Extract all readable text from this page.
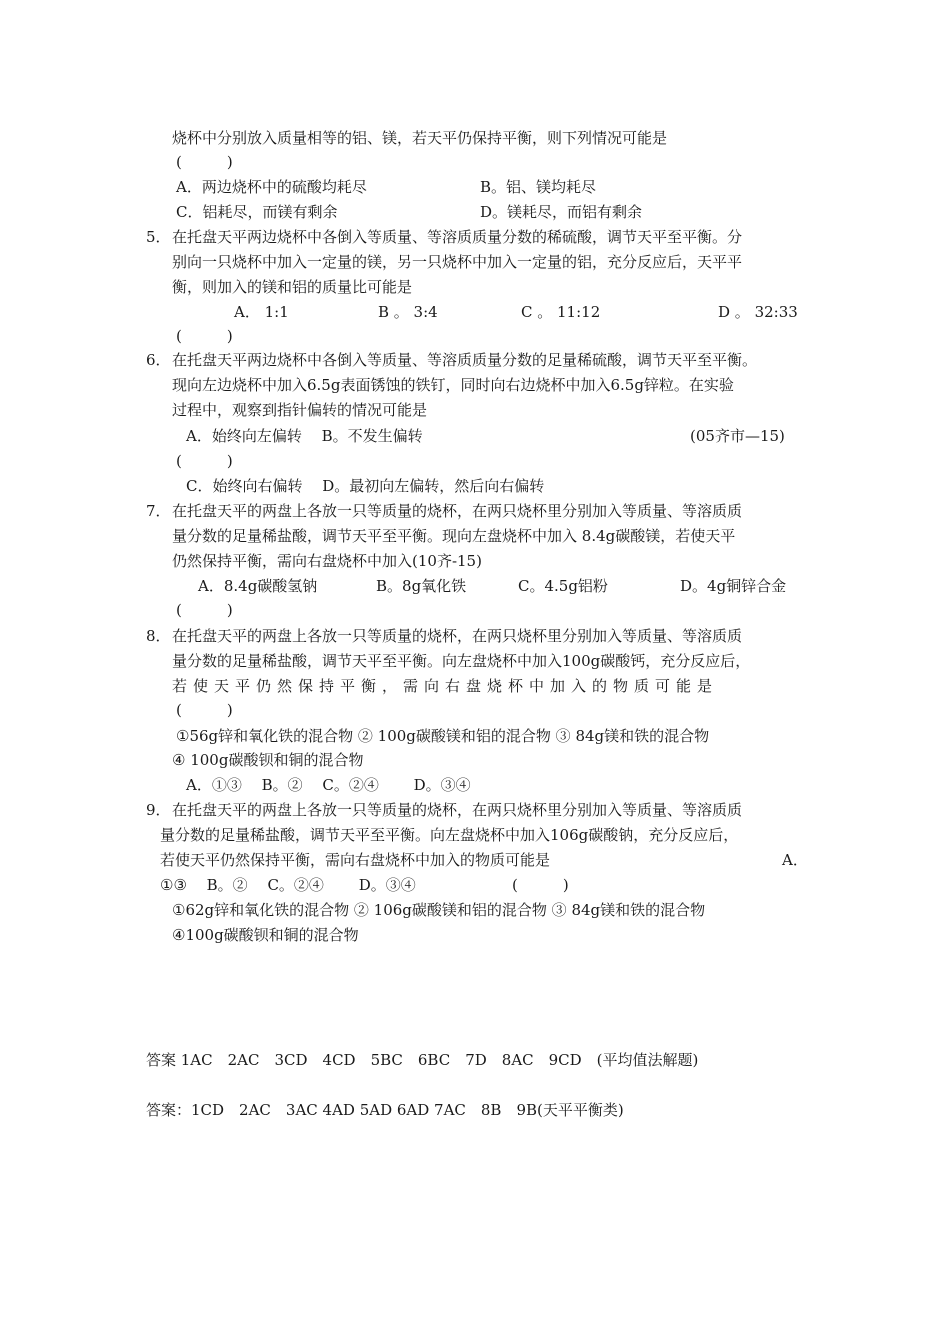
烧杯中分别放入质量相等的铝、镁，若天平仍保持平衡，则下列情况可能是
(　　　)
A．两边烧杯中的硫酸均耗尽	B。铝、镁均耗尽
C．铝耗尽，而镁有剩余	D。镁耗尽，而铝有剩余
5． 在托盘天平两边烧杯中各倒入等质量、等溶质质量分数的稀硫酸，调节天平至平衡。分
别向一只烧杯中加入一定量的镁，另一只烧杯中加入一定量的铝，充分反应后，天平平
衡，则加入的镁和铝的质量比可能是
A． 1:1	B 。 3:4	C 。 11:12	D 。 32:33
(　　　)
6． 在托盘天平两边烧杯中各倒入等质量、等溶质质量分数的足量稀硫酸，调节天平至平衡。
现向左边烧杯中加入6.5g表面锈蚀的铁钉，同时向右边烧杯中加入6.5g锌粒。在实验
过程中，观察到指针偏转的情况可能是
A．始终向左偏转　 B。不发生偏转	(05齐市—15)
(　　　)
C．始终向右偏转　 D。最初向左偏转，然后向右偏转
7． 在托盘天平的两盘上各放一只等质量的烧杯，在两只烧杯里分别加入等质量、等溶质质
量分数的足量稀盐酸，调节天平至平衡。现向左盘烧杯中加入 8.4g碳酸镁，若使天平
仍然保持平衡，需向右盘烧杯中加入(10齐-15)
A．8.4g碳酸氢钠	B。8g氧化铁	C。4.5g铝粉	D。4g铜锌合金
(　　　)
8． 在托盘天平的两盘上各放一只等质量的烧杯，在两只烧杯里分别加入等质量、等溶质质
量分数的足量稀盐酸，调节天平至平衡。向左盘烧杯中加入100g碳酸钙，充分反应后，
若使天平仍然保持平衡，需向右盘烧杯中加入的物质可能是
(　　　)
①56g锌和氧化铁的混合物 ② 100g碳酸镁和铝的混合物 ③ 84g镁和铁的混合物
④ 100g碳酸钡和铜的混合物
A．①③　 B。②　 C。②④　　 D。③④
9． 在托盘天平的两盘上各放一只等质量的烧杯，在两只烧杯里分别加入等质量、等溶质质
量分数的足量稀盐酸，调节天平至平衡。向左盘烧杯中加入106g碳酸钠，充分反应后，
若使天平仍然保持平衡，需向右盘烧杯中加入的物质可能是	A．
①③　 B。②　 C。②④　　 D。③④	(　　　)
①62g锌和氧化铁的混合物 ② 106g碳酸镁和铝的混合物 ③ 84g镁和铁的混合物
④100g碳酸钡和铜的混合物
答案 1AC　2AC　3CD　4CD　5BC　6BC　7D　8AC　9CD　(平均值法解题)
答案：1CD　2AC　3AC 4AD 5AD 6AD 7AC　8B　9B(天平平衡类)
